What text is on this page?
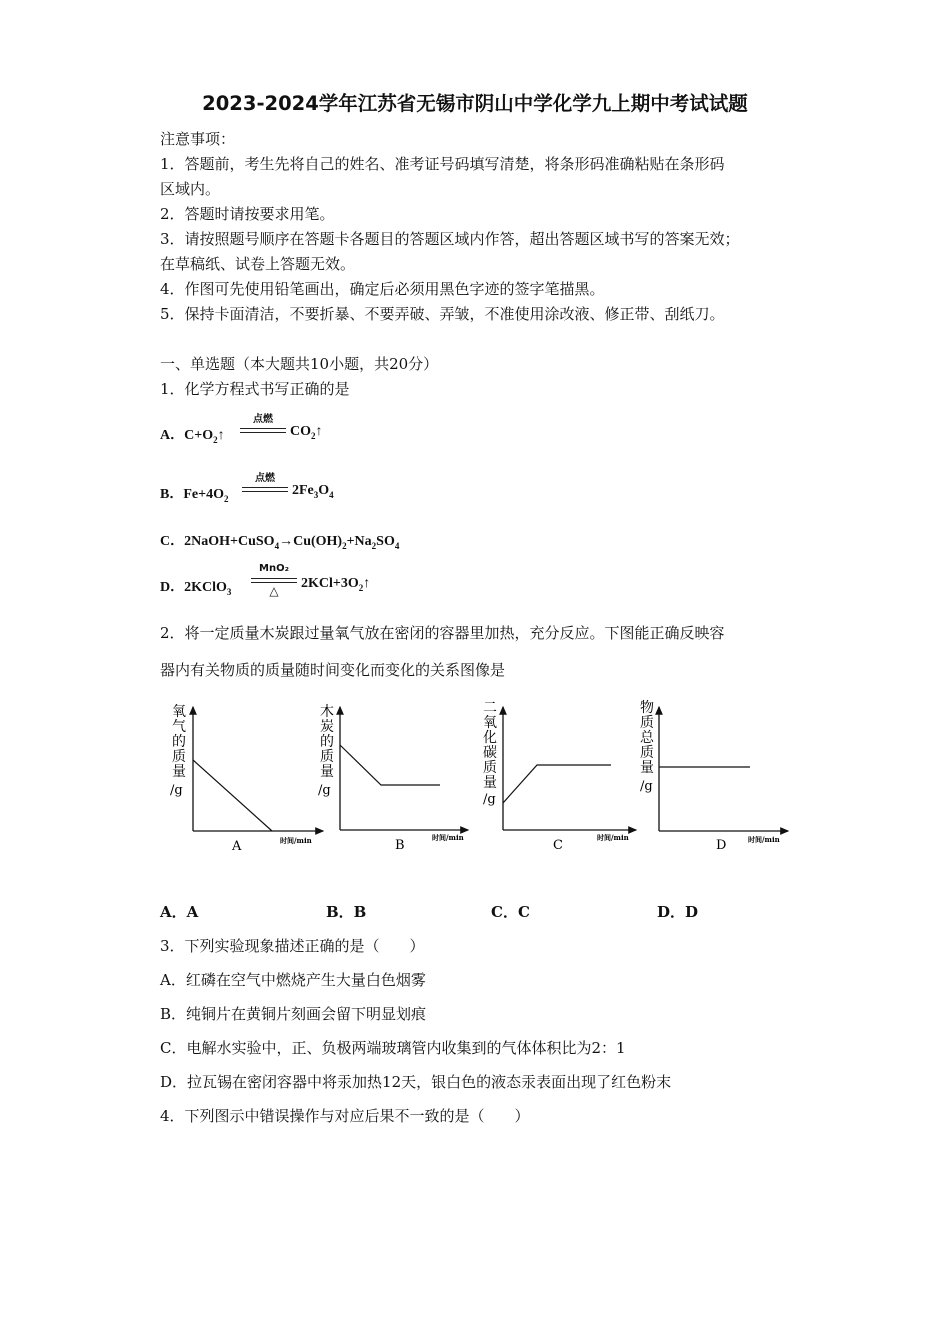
2023-2024学年江苏省无锡市阴山中学化学九上期中考试试题
注意事项：
1．答题前，考生先将自己的姓名、准考证号码填写清楚，将条形码准确粘贴在条形码
区域内。
2．答题时请按要求用笔。
3．请按照题号顺序在答题卡各题目的答题区域内作答，超出答题区域书写的答案无效；
在草稿纸、试卷上答题无效。
4．作图可先使用铅笔画出，确定后必须用黑色字迹的签字笔描黑。
5．保持卡面清洁，不要折暴、不要弄破、弄皱，不准使用涂改液、修正带、刮纸刀。
一、单选题（本大题共10小题，共20分）
1．化学方程式书写正确的是
A．$C+O_2↑$
点燃
$CO_2↑$
B．$Fe+4O_2$
点燃
$2Fe_3O_4$
C．$2NaOH+CuSO_4\to Cu(OH)_2+Na_2SO_4$
D．2KClO$_3$
MnO₂
△	$2KCl+3O_2↑$
2．将一定质量木炭跟过量氧气放在密闭的容器里加热，充分反应。下图能正确反映容
器内有关物质的质量随时间变化而变化的关系图像是
氧
气
的
质
量
/g
时间/min
A
木
炭
的
质
量
/g
时间/min
B
二
氧
化
碳
质
量
/g
时间/min
C
物
质
总
质
量
/g
时间/min
D
A．A	B．B	C．C	D．D
3．下列实验现象描述正确的是（　　）
A．红磷在空气中燃烧产生大量白色烟雾
B．纯铜片在黄铜片刻画会留下明显划痕
C．电解水实验中，正、负极两端玻璃管内收集到的气体体积比为2：1
D．拉瓦锡在密闭容器中将汞加热12天，银白色的液态汞表面出现了红色粉末
4．下列图示中错误操作与对应后果不一致的是（　　）
